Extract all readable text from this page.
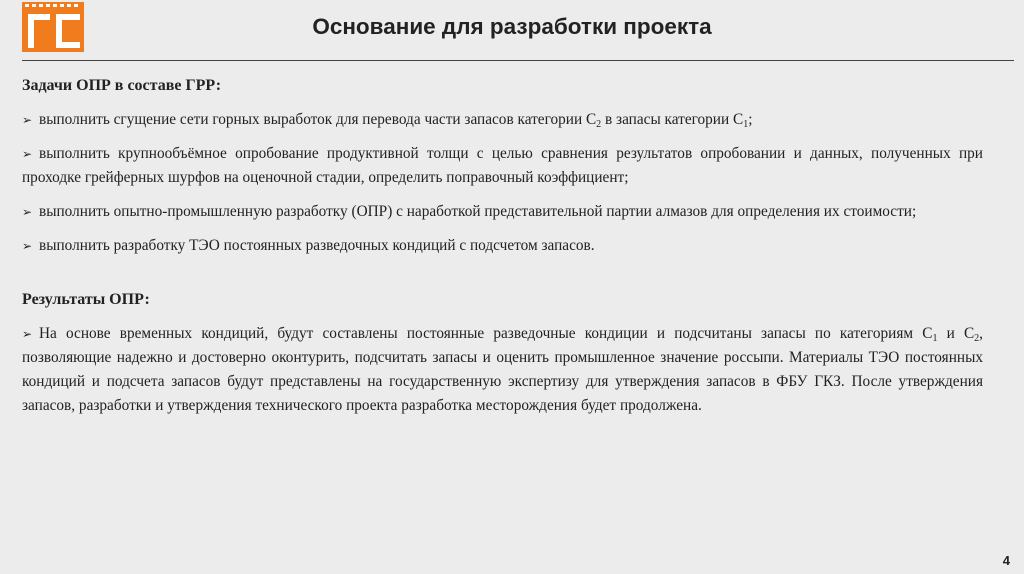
Основание для разработки проекта

Задачи ОПР в составе ГРР:

➢ выполнить сгущение сети горных выработок для перевода части запасов категории $С_2$ в запасы категории $С_1$;

➢ выполнить крупнообъёмное опробование продуктивной толщи с целью сравнения результатов опробовании и данных, полученных при проходке грейферных шурфов на оценочной стадии, определить поправочный коэффициент;

➢ выполнить опытно-промышленную разработку (ОПР) с наработкой представительной партии алмазов для определения их стоимости;

➢ выполнить разработку ТЭО постоянных разведочных кондиций с подсчетом запасов.

Результаты ОПР:

➢ На основе временных кондиций, будут составлены постоянные разведочные кондиции и подсчитаны запасы по категориям $С_1$ и $С_2$, позволяющие надежно и достоверно оконтурить, подсчитать запасы и оценить промышленное значение россыпи. Материалы ТЭО постоянных кондиций и подсчета запасов будут представлены на государственную экспертизу для утверждения запасов в ФБУ ГКЗ. После утверждения запасов, разработки и утверждения технического проекта разработка месторождения будет продолжена.

4
